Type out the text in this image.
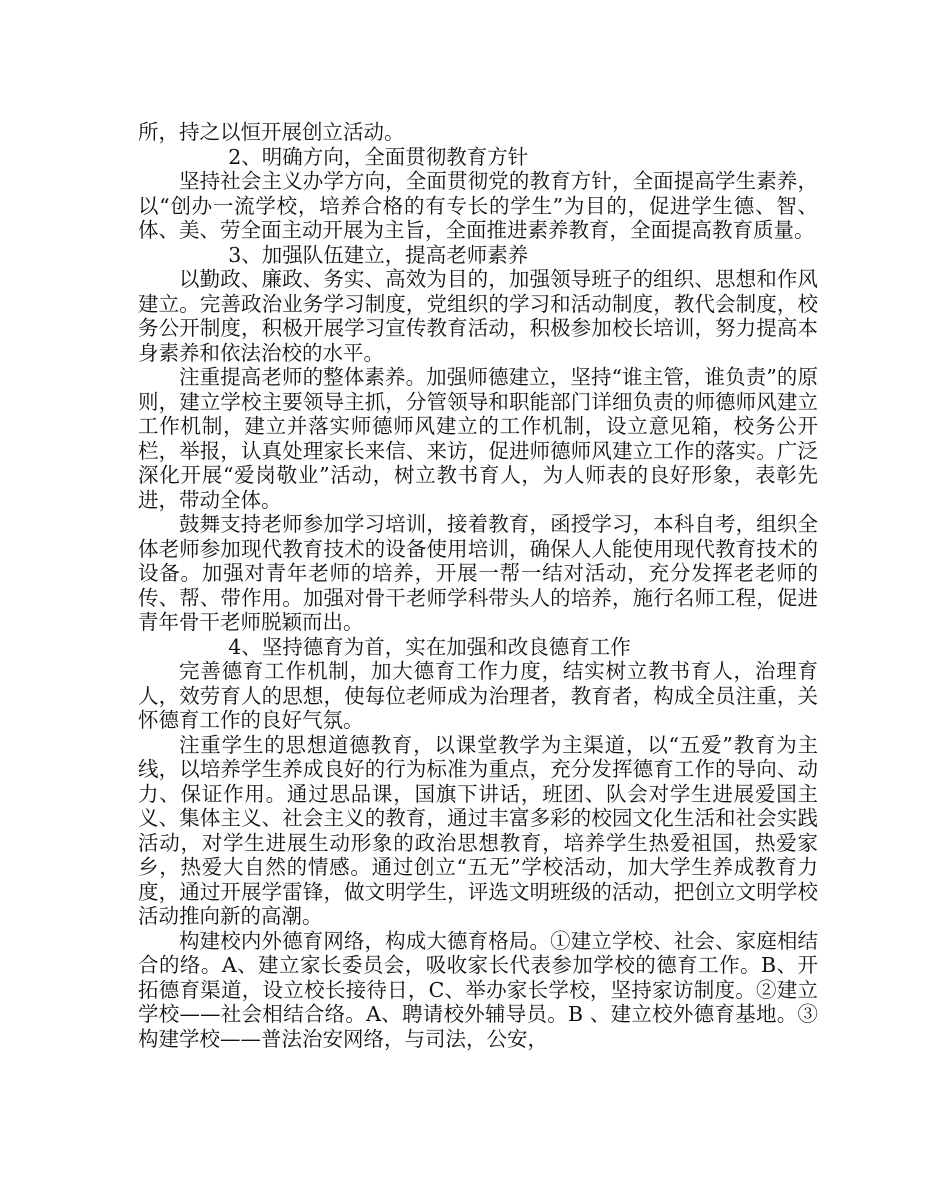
所，持之以恒开展创立活动。

2、明确方向，全面贯彻教育方针

坚持社会主义办学方向，全面贯彻党的教育方针，全面提高学生素养，以“创办一流学校，培养合格的有专长的学生”为目的，促进学生德、智、体、美、劳全面主动开展为主旨，全面推进素养教育，全面提高教育质量。

3、加强队伍建立，提高老师素养

以勤政、廉政、务实、高效为目的，加强领导班子的组织、思想和作风建立。完善政治业务学习制度，党组织的学习和活动制度，教代会制度，校务公开制度，积极开展学习宣传教育活动，积极参加校长培训，努力提高本身素养和依法治校的水平。

注重提高老师的整体素养。加强师德建立，坚持“谁主管，谁负责”的原则，建立学校主要领导主抓，分管领导和职能部门详细负责的师德师风建立工作机制，建立并落实师德师风建立的工作机制，设立意见箱，校务公开栏，举报，认真处理家长来信、来访，促进师德师风建立工作的落实。广泛深化开展“爱岗敬业”活动，树立教书育人，为人师表的良好形象，表彰先进，带动全体。

鼓舞支持老师参加学习培训，接着教育，函授学习，本科自考，组织全体老师参加现代教育技术的设备使用培训，确保人人能使用现代教育技术的设备。加强对青年老师的培养，开展一帮一结对活动，充分发挥老老师的传、帮、带作用。加强对骨干老师学科带头人的培养，施行名师工程，促进青年骨干老师脱颖而出。

4、坚持德育为首，实在加强和改良德育工作

完善德育工作机制，加大德育工作力度，结实树立教书育人，治理育人，效劳育人的思想，使每位老师成为治理者，教育者，构成全员注重，关怀德育工作的良好气氛。

注重学生的思想道德教育，以课堂教学为主渠道，以“五爱”教育为主线，以培养学生养成良好的行为标准为重点，充分发挥德育工作的导向、动力、保证作用。通过思品课，国旗下讲话，班团、队会对学生进展爱国主义、集体主义、社会主义的教育，通过丰富多彩的校园文化生活和社会实践活动，对学生进展生动形象的政治思想教育，培养学生热爱祖国，热爱家乡，热爱大自然的情感。通过创立“五无”学校活动，加大学生养成教育力度，通过开展学雷锋，做文明学生，评选文明班级的活动，把创立文明学校活动推向新的高潮。

构建校内外德育网络，构成大德育格局。①建立学校、社会、家庭相结合的络。A、建立家长委员会，吸收家长代表参加学校的德育工作。B、开拓德育渠道，设立校长接待日，C、举办家长学校，坚持家访制度。②建立学校——社会相结合络。A、聘请校外辅导员。B 、建立校外德育基地。③构建学校——普法治安网络，与司法，公安，
